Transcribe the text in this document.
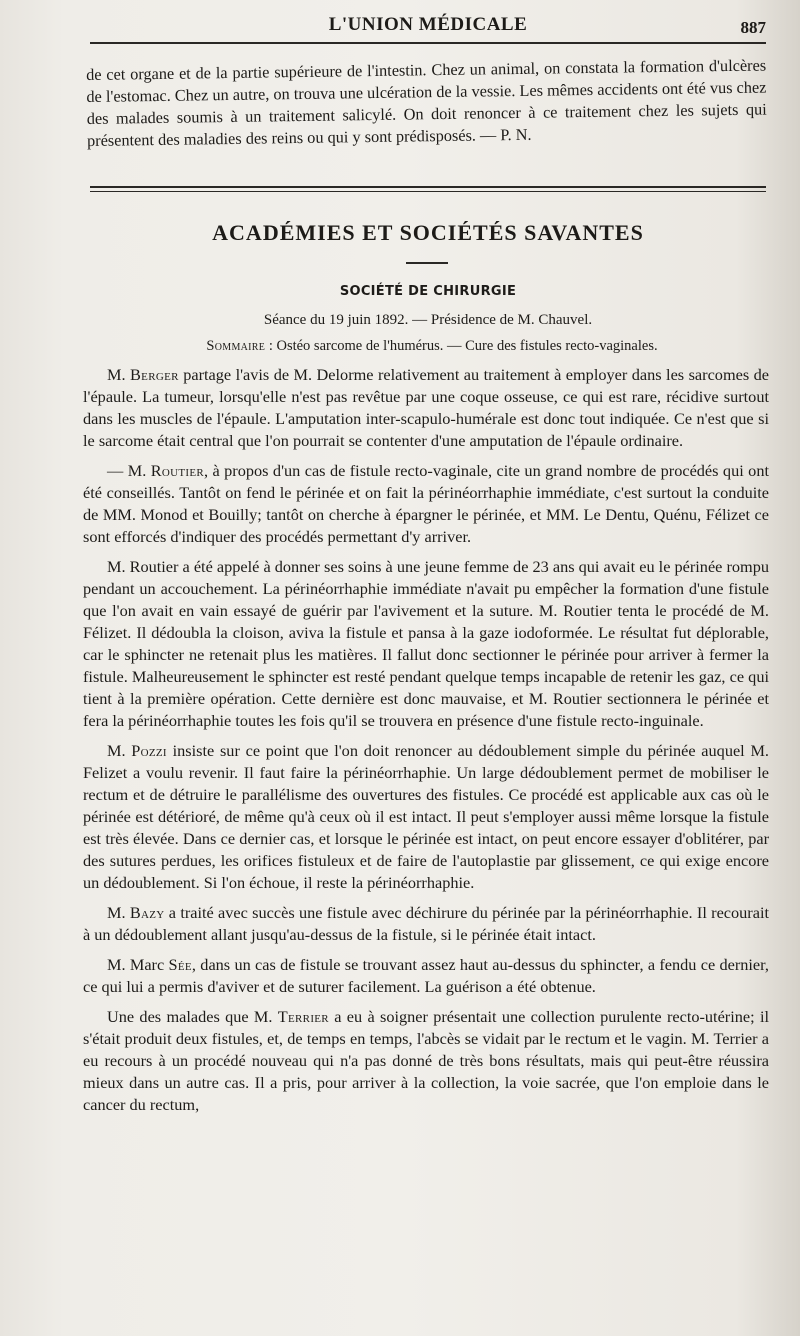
L'UNION MÉDICALE	887
de cet organe et de la partie supérieure de l'intestin. Chez un animal, on constata la formation d'ulcères de l'estomac. Chez un autre, on trouva une ulcération de la vessie. Les mêmes accidents ont été vus chez des malades soumis à un traitement salicylé. On doit renoncer à ce traitement chez les sujets qui présentent des maladies des reins ou qui y sont prédisposés. — P. N.
ACADÉMIES ET SOCIÉTÉS SAVANTES
SOCIÉTÉ DE CHIRURGIE
Séance du 19 juin 1892. — Présidence de M. Chauvel.
Sommaire : Ostéo sarcome de l'humérus. — Cure des fistules recto-vaginales.

M. Berger partage l'avis de M. Delorme relativement au traitement à employer dans les sarcomes de l'épaule. La tumeur, lorsqu'elle n'est pas revêtue par une coque osseuse, ce qui est rare, récidive surtout dans les muscles de l'épaule. L'amputation inter-scapulo-humérale est donc tout indiquée. Ce n'est que si le sarcome était central que l'on pourrait se contenter d'une amputation de l'épaule ordinaire.

— M. Routier, à propos d'un cas de fistule recto-vaginale, cite un grand nombre de procédés qui ont été conseillés. Tantôt on fend le périnée et on fait la périnéorrhaphie immédiate, c'est surtout la conduite de MM. Monod et Bouilly; tantôt on cherche à épargner le périnée, et MM. Le Dentu, Quénu, Félizet ce sont efforcés d'indiquer des procédés permettant d'y arriver.

M. Routier a été appelé à donner ses soins à une jeune femme de 23 ans qui avait eu le périnée rompu pendant un accouchement. La périnéorrhaphie immédiate n'avait pu empêcher la formation d'une fistule que l'on avait en vain essayé de guérir par l'avivement et la suture. M. Routier tenta le procédé de M. Félizet. Il dédoubla la cloison, aviva la fistule et pansa à la gaze iodoformée. Le résultat fut déplorable, car le sphincter ne retenait plus les matières. Il fallut donc sectionner le périnée pour arriver à fermer la fistule. Malheureusement le sphincter est resté pendant quelque temps incapable de retenir les gaz, ce qui tient à la première opération. Cette dernière est donc mauvaise, et M. Routier sectionnera le périnée et fera la périnéorrhaphie toutes les fois qu'il se trouvera en présence d'une fistule recto-inguinale.

M. Pozzi insiste sur ce point que l'on doit renoncer au dédoublement simple du périnée auquel M. Felizet a voulu revenir. Il faut faire la périnéorrhaphie. Un large dédoublement permet de mobiliser le rectum et de détruire le parallélisme des ouvertures des fistules. Ce procédé est applicable aux cas où le périnée est détérioré, de même qu'à ceux où il est intact. Il peut s'employer aussi même lorsque la fistule est très élevée. Dans ce dernier cas, et lorsque le périnée est intact, on peut encore essayer d'oblitérer, par des sutures perdues, les orifices fistuleux et de faire de l'autoplastie par glissement, ce qui exige encore un dédoublement. Si l'on échoue, il reste la périnéorrhaphie.

M. Bazy a traité avec succès une fistule avec déchirure du périnée par la périnéorrhaphie. Il recourait à un dédoublement allant jusqu'au-dessus de la fistule, si le périnée était intact.

M. Marc Sée, dans un cas de fistule se trouvant assez haut au-dessus du sphincter, a fendu ce dernier, ce qui lui a permis d'aviver et de suturer facilement. La guérison a été obtenue.

Une des malades que M. Terrier a eu à soigner présentait une collection purulente recto-utérine; il s'était produit deux fistules, et, de temps en temps, l'abcès se vidait par le rectum et le vagin. M. Terrier a eu recours à un procédé nouveau qui n'a pas donné de très bons résultats, mais qui peut-être réussira mieux dans un autre cas. Il a pris, pour arriver à la collection, la voie sacrée, que l'on emploie dans le cancer du rectum,
